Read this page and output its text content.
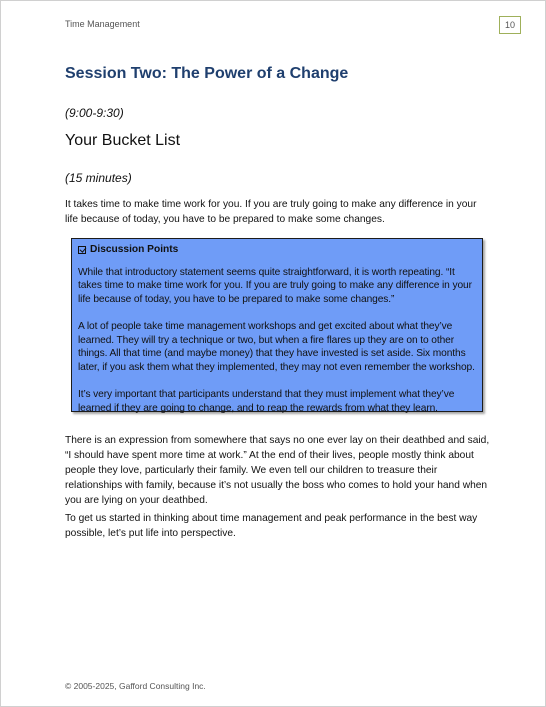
Time Management	10
Session Two: The Power of a Change
(9:00-9:30)
Your Bucket List
(15 minutes)
It takes time to make time work for you. If you are truly going to make any difference in your life because of today, you have to be prepared to make some changes.
Discussion Points

While that introductory statement seems quite straightforward, it is worth repeating. “It takes time to make time work for you. If you are truly going to make any difference in your life because of today, you have to be prepared to make some changes.”

A lot of people take time management workshops and get excited about what they’ve learned. They will try a technique or two, but when a fire flares up they are on to other things. All that time (and maybe money) that they have invested is set aside. Six months later, if you ask them what they implemented, they may not even remember the workshop.

It’s very important that participants understand that they must implement what they’ve learned if they are going to change, and to reap the rewards from what they learn.

There is an expression from somewhere that says no one ever lay on their deathbed and said, “I should have spent more time at work.” At the end of their lives, people mostly think about people they love, particularly their family. We even tell our children to treasure their relationships with family, because it’s not usually the boss who comes to hold your hand when you are lying on your deathbed.
To get us started in thinking about time management and peak performance in the best way possible, let’s put life into perspective.
© 2005-2025, Gafford Consulting Inc.
